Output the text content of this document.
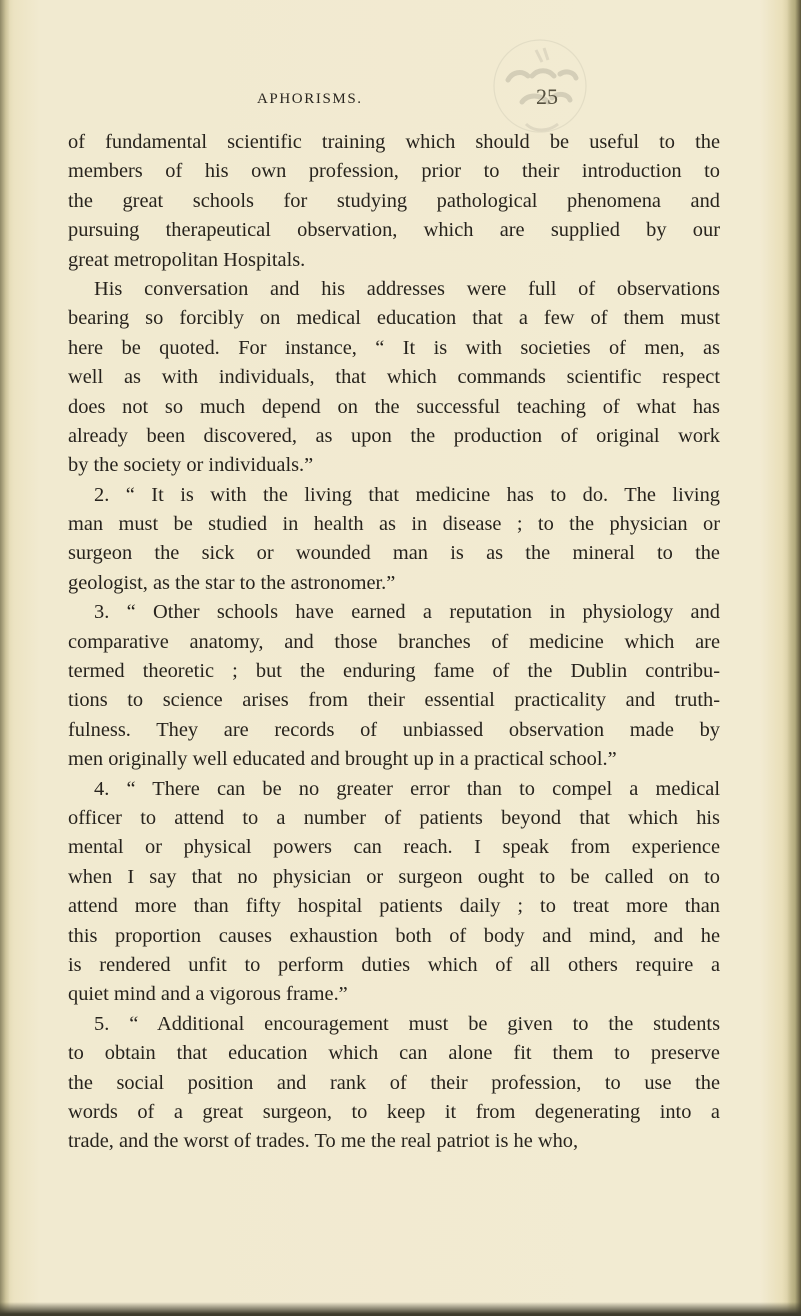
APHORISMS.	25
of fundamental scientific training which should be useful to the
members of his own profession, prior to their introduction to
the great schools for studying pathological phenomena and
pursuing therapeutical observation, which are supplied by our
great metropolitan Hospitals.
His conversation and his addresses were full of observations
bearing so forcibly on medical education that a few of them must
here be quoted. For instance, “ It is with societies of men, as
well as with individuals, that which commands scientific respect
does not so much depend on the successful teaching of what has
already been discovered, as upon the production of original work
by the society or individuals.”
2. “ It is with the living that medicine has to do. The living
man must be studied in health as in disease ; to the physician or
surgeon the sick or wounded man is as the mineral to the
geologist, as the star to the astronomer.”
3. “ Other schools have earned a reputation in physiology and
comparative anatomy, and those branches of medicine which are
termed theoretic ; but the enduring fame of the Dublin contribu-
tions to science arises from their essential practicality and truth-
fulness. They are records of unbiassed observation made by
men originally well educated and brought up in a practical school.”
4. “ There can be no greater error than to compel a medical
officer to attend to a number of patients beyond that which his
mental or physical powers can reach. I speak from experience
when I say that no physician or surgeon ought to be called on to
attend more than fifty hospital patients daily ; to treat more than
this proportion causes exhaustion both of body and mind, and he
is rendered unfit to perform duties which of all others require a
quiet mind and a vigorous frame.”
5. “ Additional encouragement must be given to the students
to obtain that education which can alone fit them to preserve
the social position and rank of their profession, to use the
words of a great surgeon, to keep it from degenerating into a
trade, and the worst of trades. To me the real patriot is he who,
